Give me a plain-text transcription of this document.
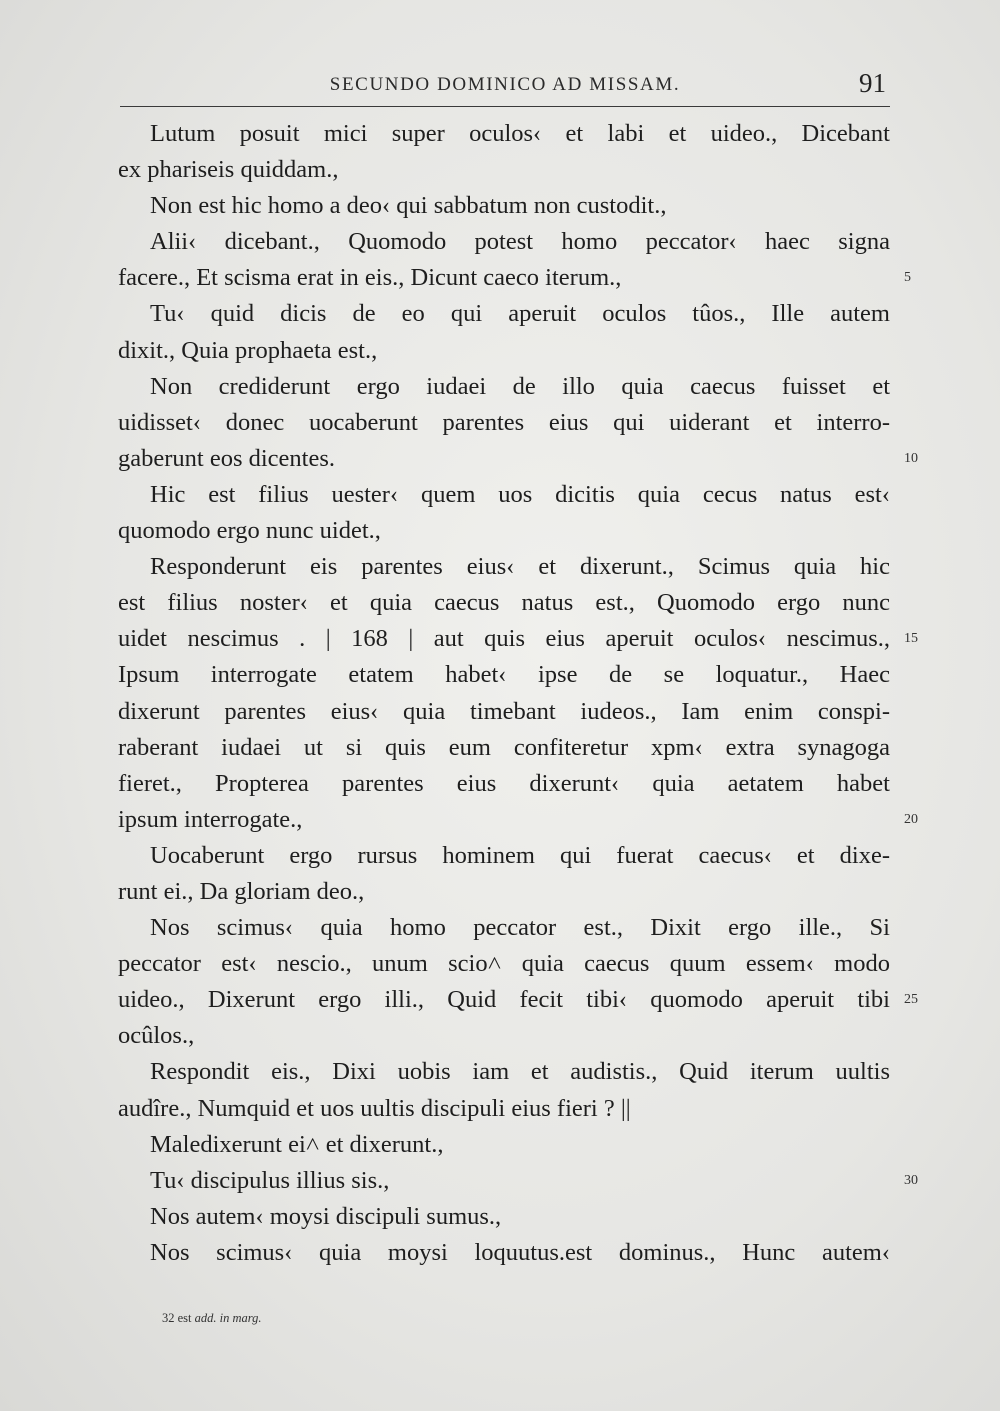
SECUNDO DOMINICO AD MISSAM.	91
Lutum posuit mici super oculos‹ et labi et uideo., Dicebant
ex phariseis quiddam.,
Non est hic homo a deo‹ qui sabbatum non custodit.,
Alii‹ dicebant., Quomodo potest homo peccator‹ haec signa
facere., Et scisma erat in eis., Dicunt caeco iterum.,	5
Tu‹ quid dicis de eo qui aperuit oculos tûos., Ille autem
dixit., Quia prophaeta est.,
Non crediderunt ergo iudaei de illo quia caecus fuisset et
uidisset‹ donec uocaberunt parentes eius qui uiderant et interro-
gaberunt eos dicentes.	10
Hic est filius uester‹ quem uos dicitis quia cecus natus est‹
quomodo ergo nunc uidet.,
Responderunt eis parentes eius‹ et dixerunt., Scimus quia hic
est filius noster‹ et quia caecus natus est., Quomodo ergo nunc
uidet nescimus . | 168 | aut quis eius aperuit oculos‹ nescimus., 15
Ipsum interrogate etatem habet‹ ipse de se loquatur., Haec
dixerunt parentes eius‹ quia timebant iudeos., Iam enim conspi-
raberant iudaei ut si quis eum confiteretur xpm‹ extra synagoga
fieret., Propterea parentes eius dixerunt‹ quia aetatem habet
ipsum interrogate.,	20
Uocaberunt ergo rursus hominem qui fuerat caecus‹ et dixe-
runt ei., Da gloriam deo.,
Nos scimus‹ quia homo peccator est., Dixit ergo ille., Si
peccator est‹ nescio., unum scio˄ quia caecus quum essem‹ modo
uideo., Dixerunt ergo illi., Quid fecit tibi‹ quomodo aperuit tibi 25
ocûlos.,
Respondit eis., Dixi uobis iam et audistis., Quid iterum uultis
audîre., Numquid et uos uultis discipuli eius fieri ? ||
Maledixerunt ei˄ et dixerunt.,
Tu‹ discipulus illius sis.,	30
Nos autem‹ moysi discipuli sumus.,
Nos scimus‹ quia moysi loquutus.est dominus., Hunc autem‹
32 est add. in marg.
